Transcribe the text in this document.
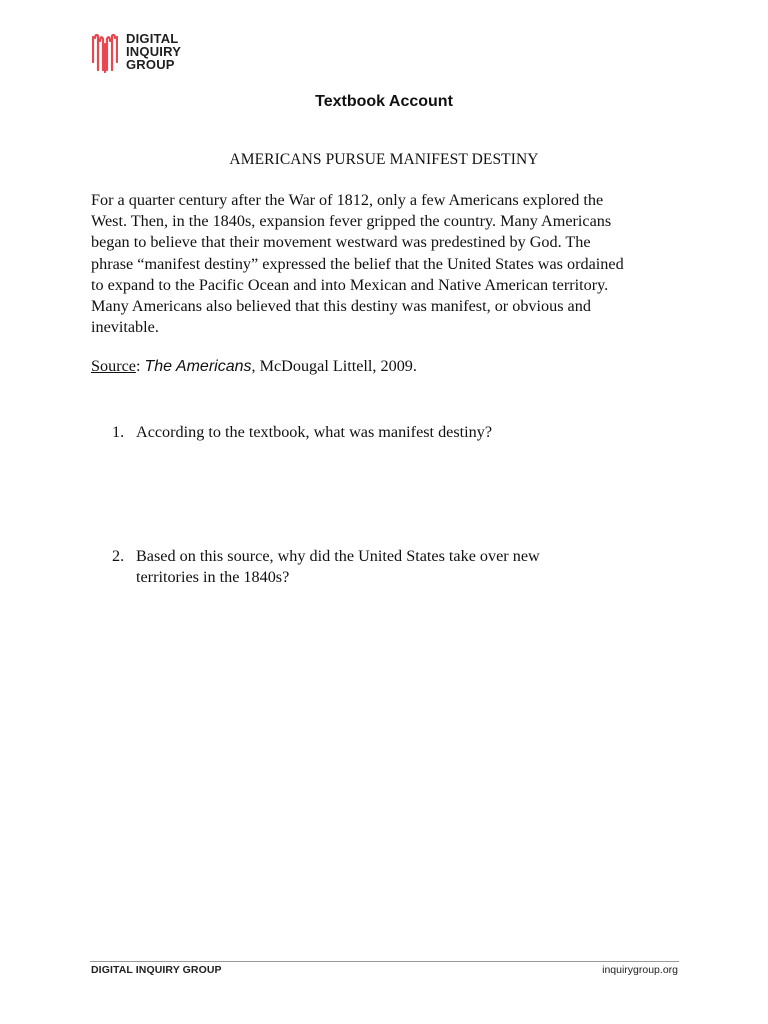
DIGITAL
INQUIRY
GROUP
Textbook Account
AMERICANS PURSUE MANIFEST DESTINY
For a quarter century after the War of 1812, only a few Americans explored the
West. Then, in the 1840s, expansion fever gripped the country. Many Americans
began to believe that their movement westward was predestined by God. The
phrase “manifest destiny” expressed the belief that the United States was ordained
to expand to the Pacific Ocean and into Mexican and Native American territory.
Many Americans also believed that this destiny was manifest, or obvious and
inevitable.
Source: The Americans, McDougal Littell, 2009.
1. According to the textbook, what was manifest destiny?
2. Based on this source, why did the United States take over new
territories in the 1840s?
DIGITAL INQUIRY GROUP	inquirygroup.org
